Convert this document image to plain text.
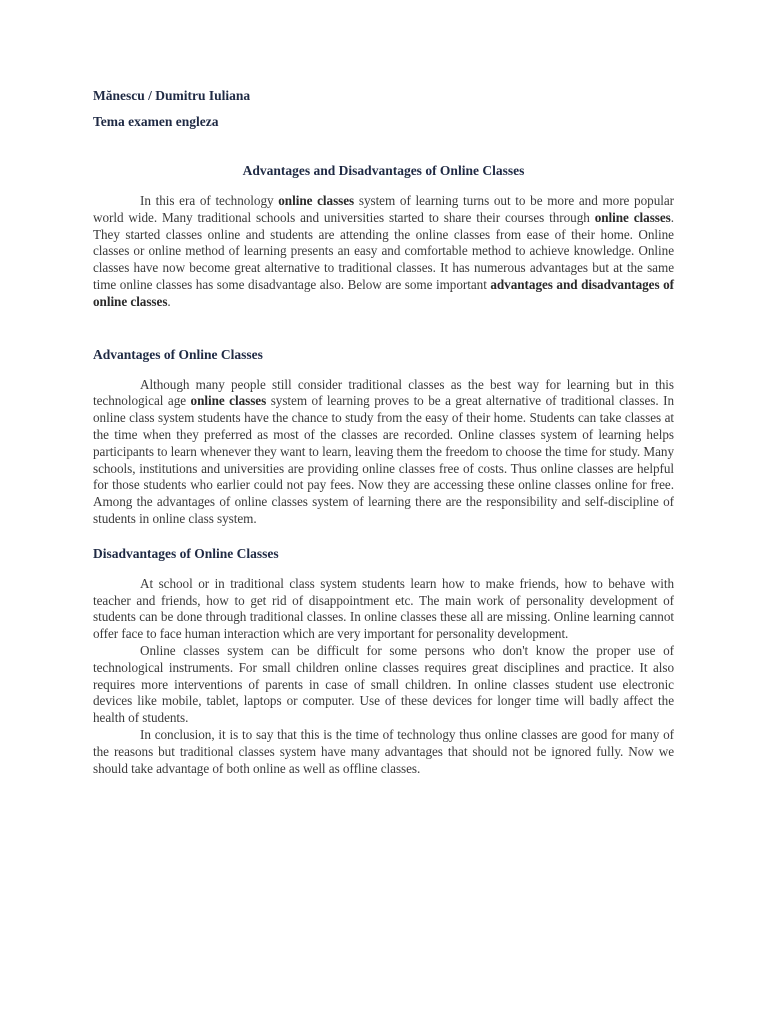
Mănescu / Dumitru Iuliana

Tema examen engleza

Advantages and Disadvantages of Online Classes

In this era of technology online classes system of learning turns out to be more and more popular world wide. Many traditional schools and universities started to share their courses through online classes. They started classes online and students are attending the online classes from ease of their home. Online classes or online method of learning presents an easy and comfortable method to achieve knowledge. Online classes have now become great alternative to traditional classes. It has numerous advantages but at the same time online classes has some disadvantage also. Below are some important advantages and disadvantages of online classes.

Advantages of Online Classes

Although many people still consider traditional classes as the best way for learning but in this technological age online classes system of learning proves to be a great alternative of traditional classes. In online class system students have the chance to study from the easy of their home. Students can take classes at the time when they preferred as most of the classes are recorded. Online classes system of learning helps participants to learn whenever they want to learn, leaving them the freedom to choose the time for study. Many schools, institutions and universities are providing online classes free of costs. Thus online classes are helpful for those students who earlier could not pay fees. Now they are accessing these online classes online for free. Among the advantages of online classes system of learning there are the responsibility and self-discipline of students in online class system.

Disadvantages of Online Classes

At school or in traditional class system students learn how to make friends, how to behave with teacher and friends, how to get rid of disappointment etc. The main work of personality development of students can be done through traditional classes. In online classes these all are missing. Online learning cannot offer face to face human interaction which are very important for personality development.

Online classes system can be difficult for some persons who don't know the proper use of technological instruments. For small children online classes requires great disciplines and practice. It also requires more interventions of parents in case of small children. In online classes student use electronic devices like mobile, tablet, laptops or computer. Use of these devices for longer time will badly affect the health of students.

In conclusion, it is to say that this is the time of technology thus online classes are good for many of the reasons but traditional classes system have many advantages that should not be ignored fully. Now we should take advantage of both online as well as offline classes.
